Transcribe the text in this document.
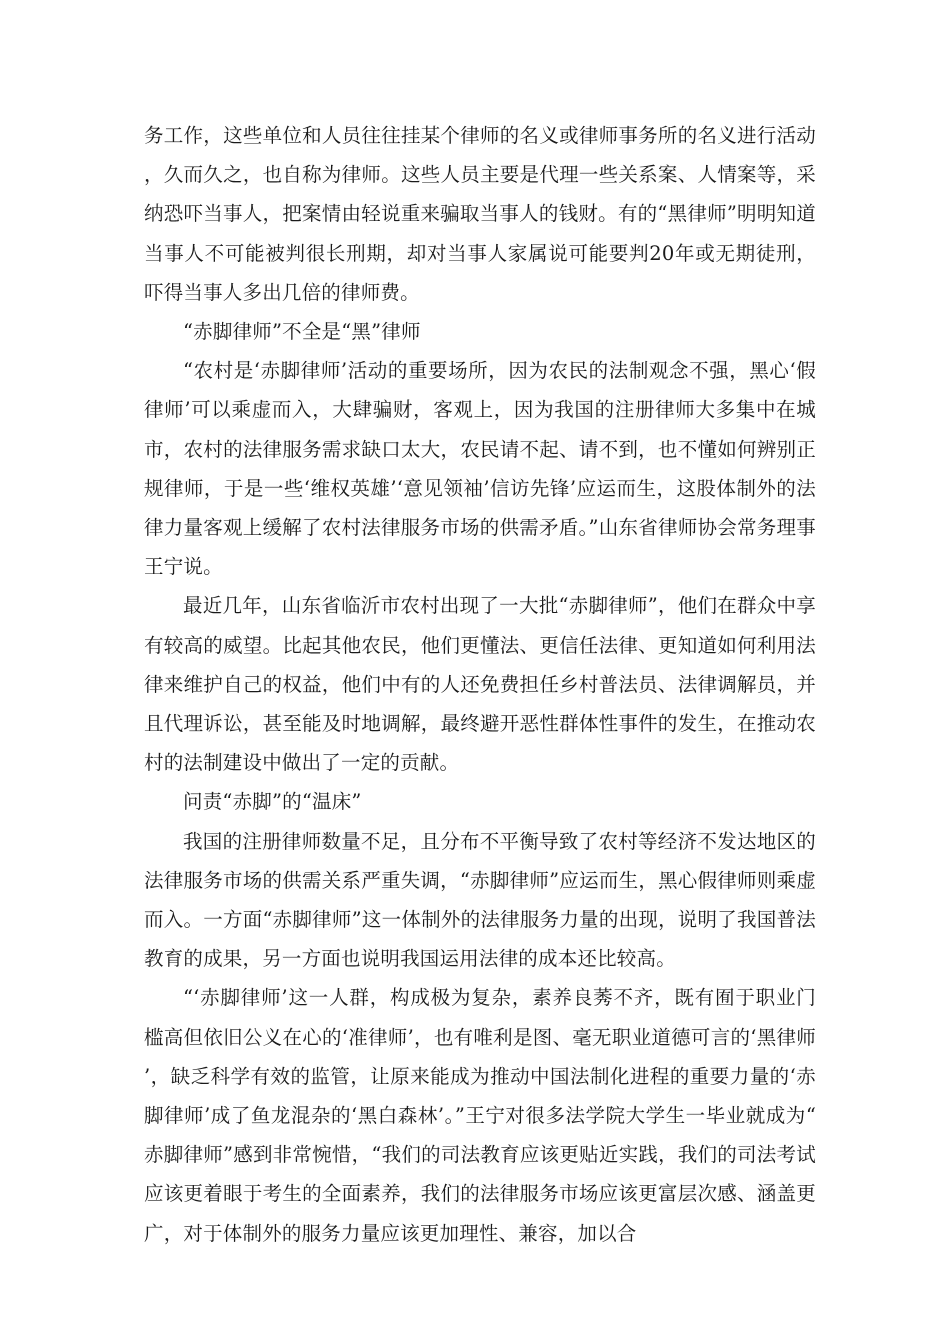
务工作，这些单位和人员往往挂某个律师的名义或律师事务所的名义进行活动，久而久之，也自称为律师。这些人员主要是代理一些关系案、人情案等，采纳恐吓当事人，把案情由轻说重来骗取当事人的钱财。有的“黑律师”明明知道当事人不可能被判很长刑期，却对当事人家属说可能要判20年或无期徒刑，吓得当事人多出几倍的律师费。

“赤脚律师”不全是“黑”律师

“农村是‘赤脚律师’活动的重要场所，因为农民的法制观念不强，黑心‘假律师’可以乘虚而入，大肆骗财，客观上，因为我国的注册律师大多集中在城市，农村的法律服务需求缺口太大，农民请不起、请不到，也不懂如何辨别正规律师，于是一些‘维权英雄’‘意见领袖’信访先锋’应运而生，这股体制外的法律力量客观上缓解了农村法律服务市场的供需矛盾。”山东省律师协会常务理事王宁说。

最近几年，山东省临沂市农村出现了一大批“赤脚律师”，他们在群众中享有较高的威望。比起其他农民，他们更懂法、更信任法律、更知道如何利用法律来维护自己的权益，他们中有的人还免费担任乡村普法员、法律调解员，并且代理诉讼，甚至能及时地调解，最终避开恶性群体性事件的发生，在推动农村的法制建设中做出了一定的贡献。

问责“赤脚”的“温床”

我国的注册律师数量不足，且分布不平衡导致了农村等经济不发达地区的法律服务市场的供需关系严重失调，“赤脚律师”应运而生，黑心假律师则乘虚而入。一方面“赤脚律师”这一体制外的法律服务力量的出现，说明了我国普法教育的成果，另一方面也说明我国运用法律的成本还比较高。

“‘赤脚律师’这一人群，构成极为复杂，素养良莠不齐，既有囿于职业门槛高但依旧公义在心的‘准律师’，也有唯利是图、毫无职业道德可言的‘黑律师’，缺乏科学有效的监管，让原来能成为推动中国法制化进程的重要力量的‘赤脚律师’成了鱼龙混杂的‘黑白森林’。”王宁对很多法学院大学生一毕业就成为“赤脚律师”感到非常惋惜，“我们的司法教育应该更贴近实践，我们的司法考试应该更着眼于考生的全面素养，我们的法律服务市场应该更富层次感、涵盖更广，对于体制外的服务力量应该更加理性、兼容，加以合
